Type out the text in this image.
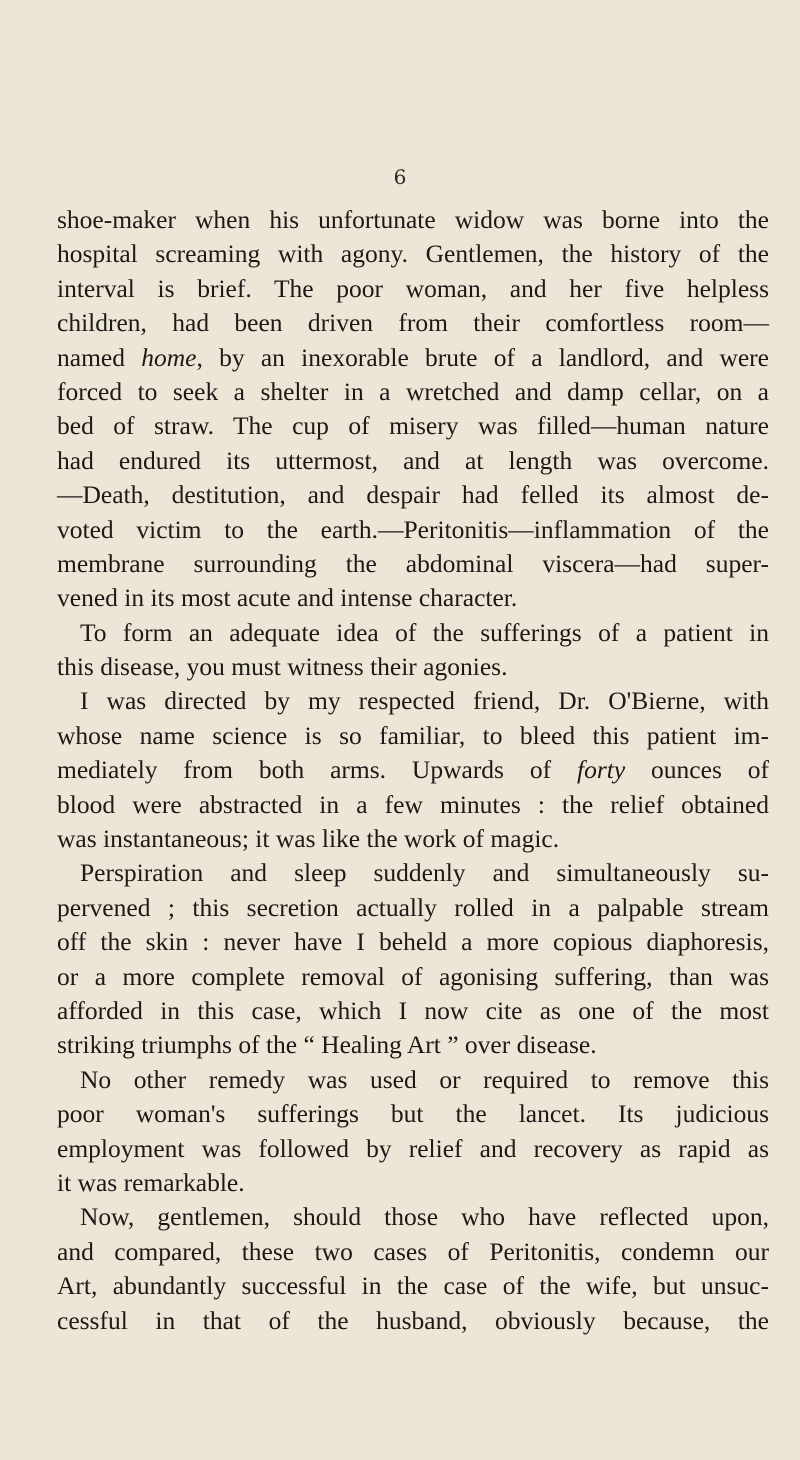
6
shoe-maker when his unfortunate widow was borne into the
hospital screaming with agony. Gentlemen, the history of the
interval is brief. The poor woman, and her five helpless
children, had been driven from their comfortless room—
named home, by an inexorable brute of a landlord, and were
forced to seek a shelter in a wretched and damp cellar, on a
bed of straw. The cup of misery was filled—human nature
had endured its uttermost, and at length was overcome.
—Death, destitution, and despair had felled its almost de-
voted victim to the earth.—Peritonitis—inflammation of the
membrane surrounding the abdominal viscera—had super-
vened in its most acute and intense character.
To form an adequate idea of the sufferings of a patient in
this disease, you must witness their agonies.
I was directed by my respected friend, Dr. O'Bierne, with
whose name science is so familiar, to bleed this patient im-
mediately from both arms. Upwards of forty ounces of
blood were abstracted in a few minutes : the relief obtained
was instantaneous; it was like the work of magic.
Perspiration and sleep suddenly and simultaneously su-
pervened ; this secretion actually rolled in a palpable stream
off the skin : never have I beheld a more copious diaphoresis,
or a more complete removal of agonising suffering, than was
afforded in this case, which I now cite as one of the most
striking triumphs of the “ Healing Art ” over disease.
No other remedy was used or required to remove this
poor woman's sufferings but the lancet. Its judicious
employment was followed by relief and recovery as rapid as
it was remarkable.
Now, gentlemen, should those who have reflected upon,
and compared, these two cases of Peritonitis, condemn our
Art, abundantly successful in the case of the wife, but unsuc-
cessful in that of the husband, obviously because, the
